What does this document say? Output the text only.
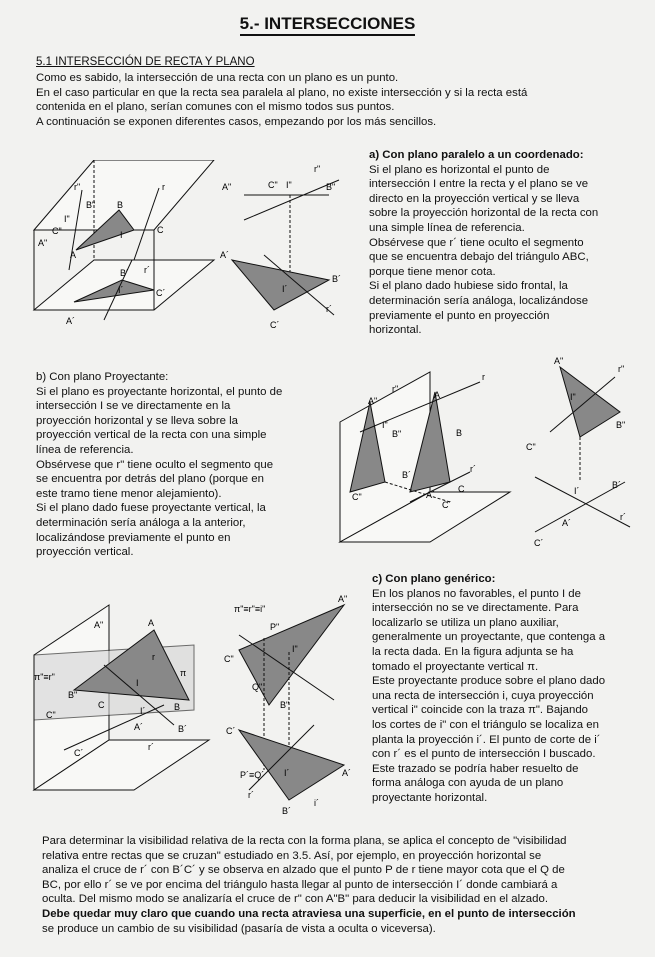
5.- INTERSECCIONES
5.1 INTERSECCIÓN DE RECTA Y PLANO
Como es sabido, la intersección de una recta con un plano es un punto.
En el caso particular en que la recta sea paralela al plano, no existe intersección y si la recta está
contenida en el plano, serían comunes con el mismo todos sus puntos.
A continuación se exponen diferentes casos, empezando por los más sencillos.
r"	r
B" B
I"
C"
A"
I	C
A
B´ r´
I´	C´
A´
r"
A"	C" I"	B"
A´
B´
I´
r´
C´
a) Con plano paralelo a un coordenado:
Si el plano es horizontal el punto de
intersección I entre la recta y el plano se ve
directo en la proyección vertical y se lleva
sobre la proyección horizontal de la recta con
una simple línea de referencia.
Obsérvese que r´ tiene oculto el segmento
que se encuentra debajo del triángulo ABC,
porque tiene menor cota.
Si el plano dado hubiese sido frontal, la
determinación sería análoga, localizándose
previamente el punto en proyección
horizontal.
b) Con plano Proyectante:
Si el plano es proyectante horizontal, el punto de
intersección I se ve directamente en la
proyección horizontal y se lleva sobre la
proyección vertical de la recta con una simple
línea de referencia.
Obsérvese que r" tiene oculto el segmento que
se encuentra por detrás del plano (porque en
este tramo tiene menor alejamiento).
Si el plano dado fuese proyectante vertical, la
determinación sería análoga a la anterior,
localizándose previamente el punto en
proyección vertical.
r"
A"
A
r
B"
I"
B
C"
B´
r´
A´
C
C´
A"
r"
I"
B"
C"
I´
B´
A´
r´
C´
A"	A
π"≡r"
r
π
B"
C"
I
B
C
I´
B´
A´
C´
r´
π"≡r"≡i"
A"
P"
I"
C"
Q"
B"
C´
P´≡Q´ I´	A´
r´
B´
i´
c) Con plano genérico:
En los planos no favorables, el punto I de
intersección no se ve directamente. Para
localizarlo se utiliza un plano auxiliar,
generalmente un proyectante, que contenga a
la recta dada. En la figura adjunta se ha
tomado el proyectante vertical π.
Este proyectante produce sobre el plano dado
una recta de intersección i, cuya proyección
vertical i" coincide con la traza π". Bajando
los cortes de i" con el triángulo se localiza en
planta la proyección i´. El punto de corte de i´
con r´ es el punto de intersección I buscado.
Este trazado se podría haber resuelto de
forma análoga con ayuda de un plano
proyectante horizontal.
Para determinar la visibilidad relativa de la recta con la forma plana, se aplica el concepto de "visibilidad
relativa entre rectas que se cruzan" estudiado en 3.5. Así, por ejemplo, en proyección horizontal se
analiza el cruce de r´ con B´C´ y se observa en alzado que el punto P de r tiene mayor cota que el Q de
BC, por ello r´ se ve por encima del triángulo hasta llegar al punto de intersección I´ donde cambiará a
oculta. Del mismo modo se analizaría el cruce de r" con A"B" para deducir la visibilidad en el alzado.
Debe quedar muy claro que cuando una recta atraviesa una superficie, en el punto de intersección
se produce un cambio de su visibilidad (pasaría de vista a oculta o viceversa).
